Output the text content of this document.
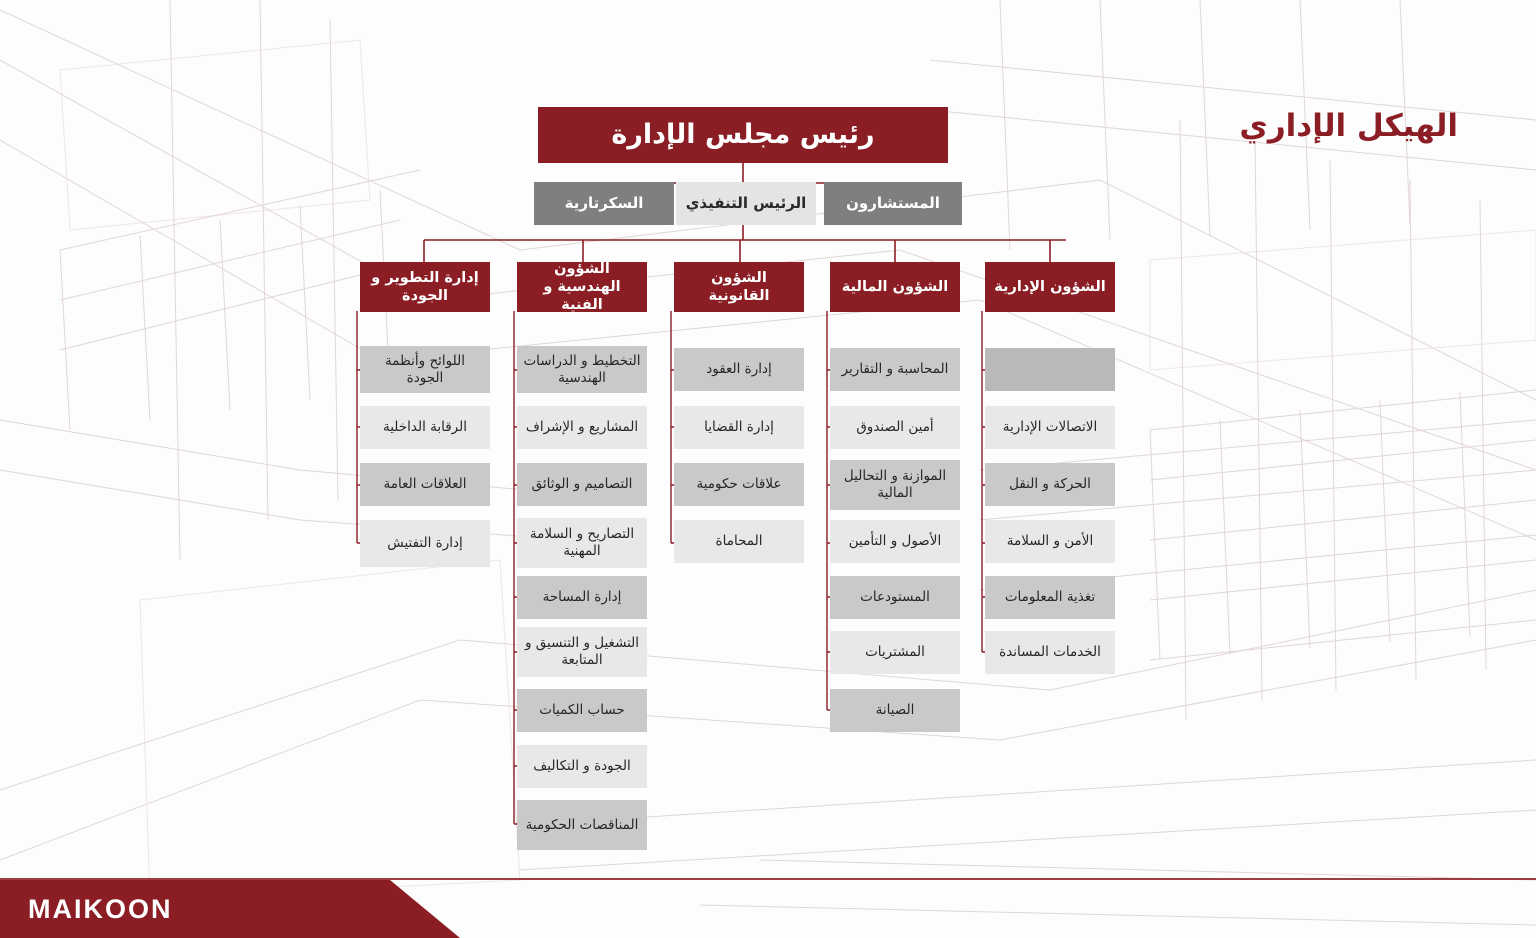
الهيكل الإداري
رئيس مجلس الإدارة
السكرتارية	الرئيس التنفيذي	المستشارون
إدارة التطوير و الجودة
اللوائح وأنظمة الجودة
الرقابة الداخلية
العلاقات العامة
إدارة التفتيش
الشؤون الهندسية و الفنية
التخطيط و الدراسات الهندسية
المشاريع و الإشراف
التصاميم و الوثائق
التصاريح و السلامة المهنية
إدارة المساحة
التشغيل و التنسيق و المتابعة
حساب الكميات
الجودة و التكاليف
المناقصات الحكومية
الشؤون القانونية
إدارة العقود
إدارة القضايا
علاقات حكومية
المحاماة
الشؤون المالية
المحاسبة و التقارير
أمين الصندوق
الموازنة و التحاليل المالية
الأصول و التأمين
المستودعات
المشتريات
الصيانة
الشؤون الإدارية
الاتصالات الإدارية
الحركة و النقل
الأمن و السلامة
تغذية المعلومات
الخدمات المساندة
MAIKOON
